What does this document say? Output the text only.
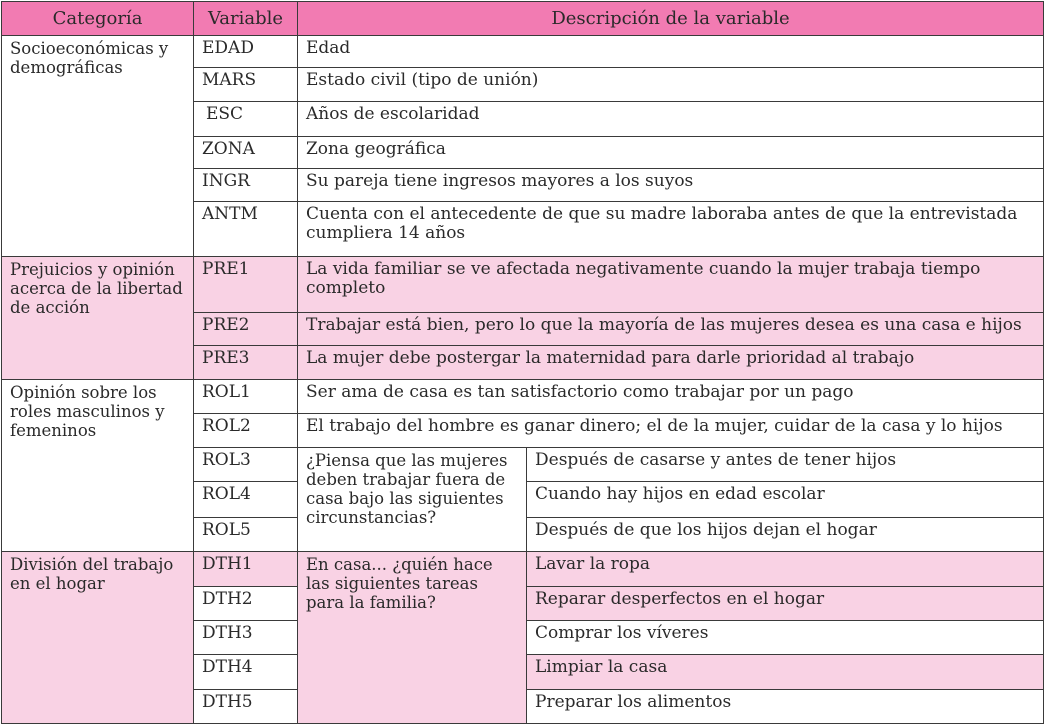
Categoría	Variable	Descripción de la variable	
Socioeconómicas y demográficas	EDAD	Edad	
	MARS	Estado civil (tipo de unión)	
	ESC	Años de escolaridad	
	ZONA	Zona geográfica	
	INGR	Su pareja tiene ingresos mayores a los suyos	
	ANTM	Cuenta con el antecedente de que su madre laboraba antes de que la entrevistada cumpliera 14 años	
Prejuicios y opinión acerca de la libertad de acción	PRE1	La vida familiar se ve afectada negativamente cuando la mujer trabaja tiempo completo	
	PRE2	Trabajar está bien, pero lo que la mayoría de las mujeres desea es una casa e hijos	
	PRE3	La mujer debe postergar la maternidad para darle prioridad al trabajo	
Opinión sobre los roles masculinos y femeninos	ROL1	Ser ama de casa es tan satisfactorio como trabajar por un pago	
	ROL2	El trabajo del hombre es ganar dinero; el de la mujer, cuidar de la casa y lo hijos	
	ROL3	¿Piensa que las mujeres deben trabajar fuera de casa bajo las siguientes circunstancias?	Después de casarse y antes de tener hijos
	ROL4		Cuando hay hijos en edad escolar
	ROL5		Después de que los hijos dejan el hogar
División del trabajo en el hogar	DTH1	En casa... ¿quién hace las siguientes tareas para la familia?	Lavar la ropa
	DTH2		Reparar desperfectos en el hogar
	DTH3		Comprar los víveres
	DTH4		Limpiar la casa
	DTH5		Preparar los alimentos
